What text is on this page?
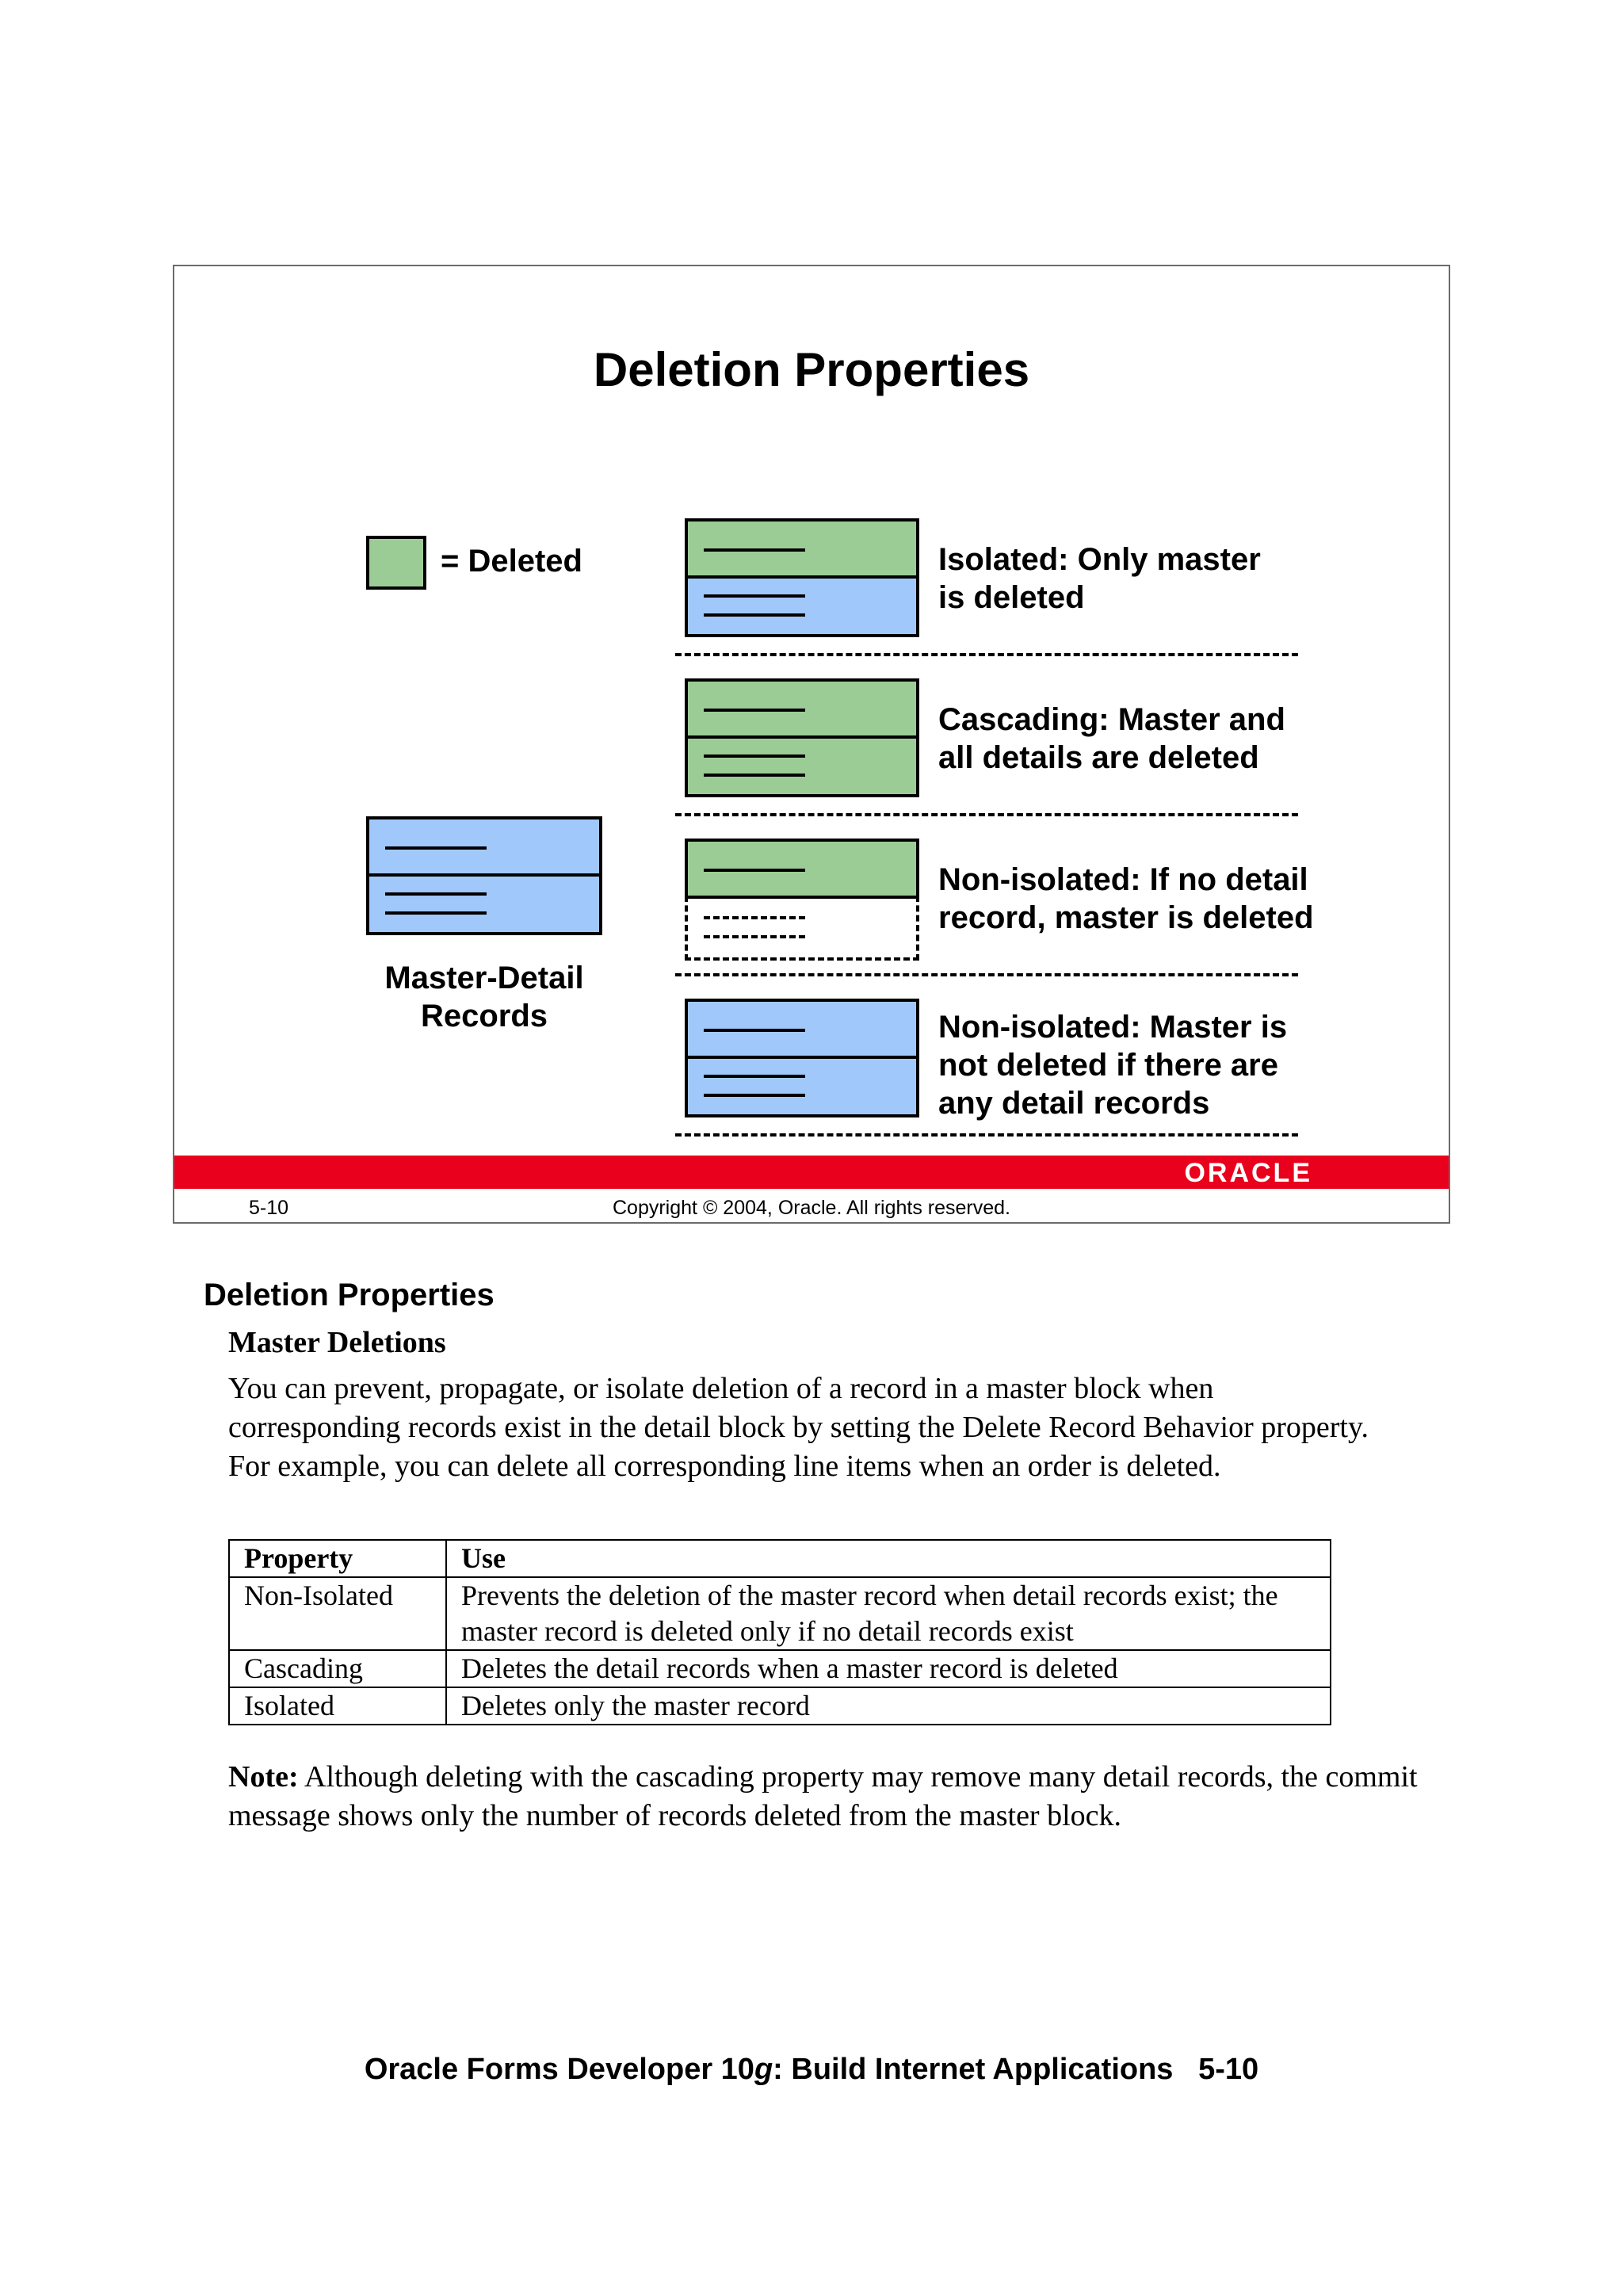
Deletion Properties
= Deleted
Master-Detail
Records
Isolated: Only master
is deleted
Cascading: Master and
all details are deleted
Non-isolated: If no detail
record, master is deleted
Non-isolated: Master is
not deleted if there are
any detail records
ORACLE
5-10	Copyright © 2004, Oracle. All rights reserved.
Deletion Properties
Master Deletions
You can prevent, propagate, or isolate deletion of a record in a master block when corresponding records exist in the detail block by setting the Delete Record Behavior property. For example, you can delete all corresponding line items when an order is deleted.
Property	Use
Non-Isolated	Prevents the deletion of the master record when detail records exist; the master record is deleted only if no detail records exist
Cascading	Deletes the detail records when a master record is deleted
Isolated	Deletes only the master record
Note: Although deleting with the cascading property may remove many detail records, the commit message shows only the number of records deleted from the master block.
Oracle Forms Developer 10g: Build Internet Applications   5-10
